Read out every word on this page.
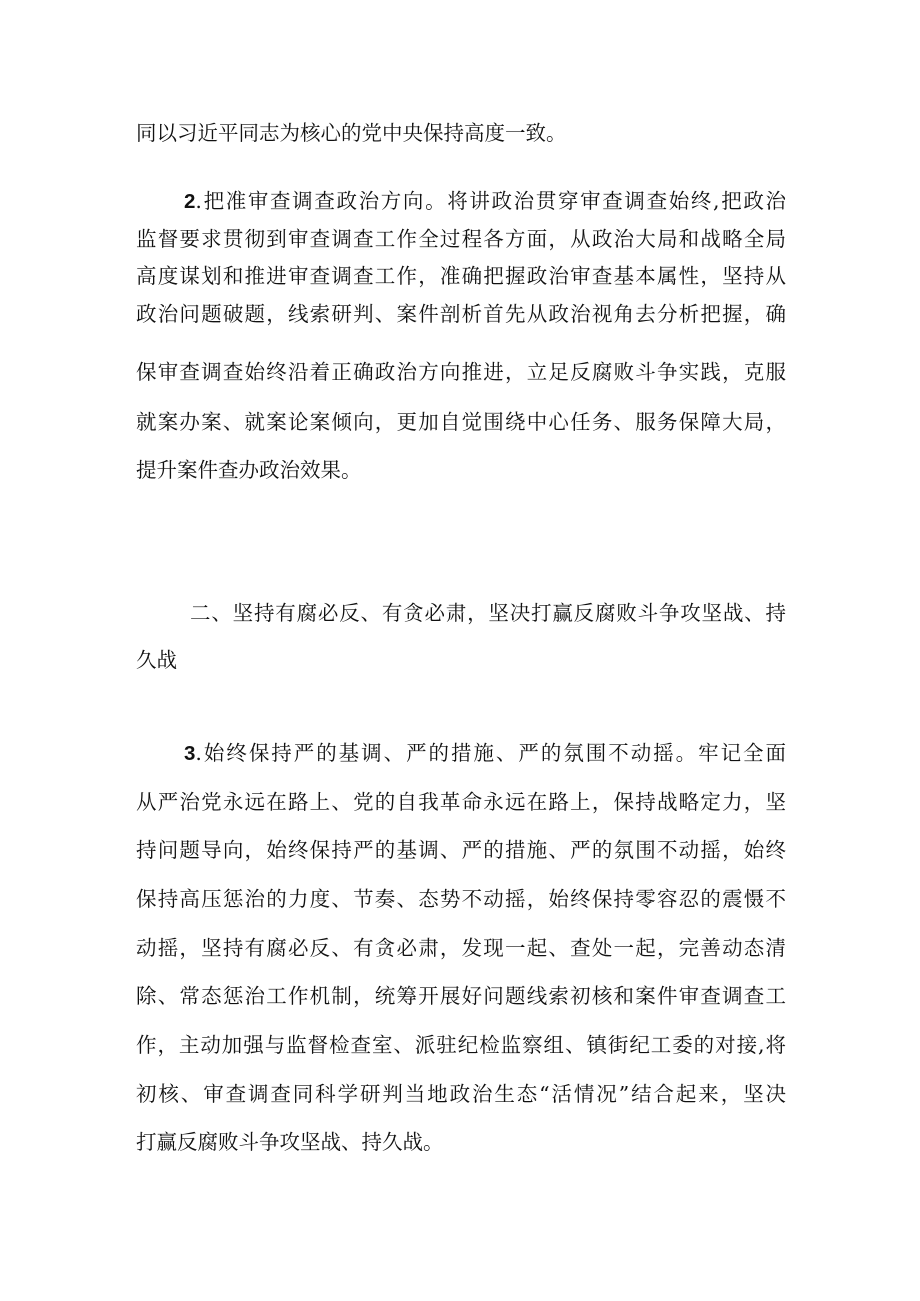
同以习近平同志为核心的党中央保持高度一致。
2.把准审查调查政治方向。将讲政治贯穿审查调查始终,把政治
监督要求贯彻到审查调查工作全过程各方面，从政治大局和战略全局
高度谋划和推进审查调查工作，准确把握政治审查基本属性，坚持从
政治问题破题，线索研判、案件剖析首先从政治视角去分析把握，确
保审查调查始终沿着正确政治方向推进，立足反腐败斗争实践，克服
就案办案、就案论案倾向，更加自觉围绕中心任务、服务保障大局，
提升案件查办政治效果。
二、坚持有腐必反、有贪必肃，坚决打赢反腐败斗争攻坚战、持
久战
3.始终保持严的基调、严的措施、严的氛围不动摇。牢记全面
从严治党永远在路上、党的自我革命永远在路上，保持战略定力，坚
持问题导向，始终保持严的基调、严的措施、严的氛围不动摇，始终
保持高压惩治的力度、节奏、态势不动摇，始终保持零容忍的震慑不
动摇，坚持有腐必反、有贪必肃，发现一起、查处一起，完善动态清
除、常态惩治工作机制，统筹开展好问题线索初核和案件审查调查工
作，主动加强与监督检查室、派驻纪检监察组、镇街纪工委的对接,将
初核、审查调查同科学研判当地政治生态“活情况”结合起来，坚决
打赢反腐败斗争攻坚战、持久战。
